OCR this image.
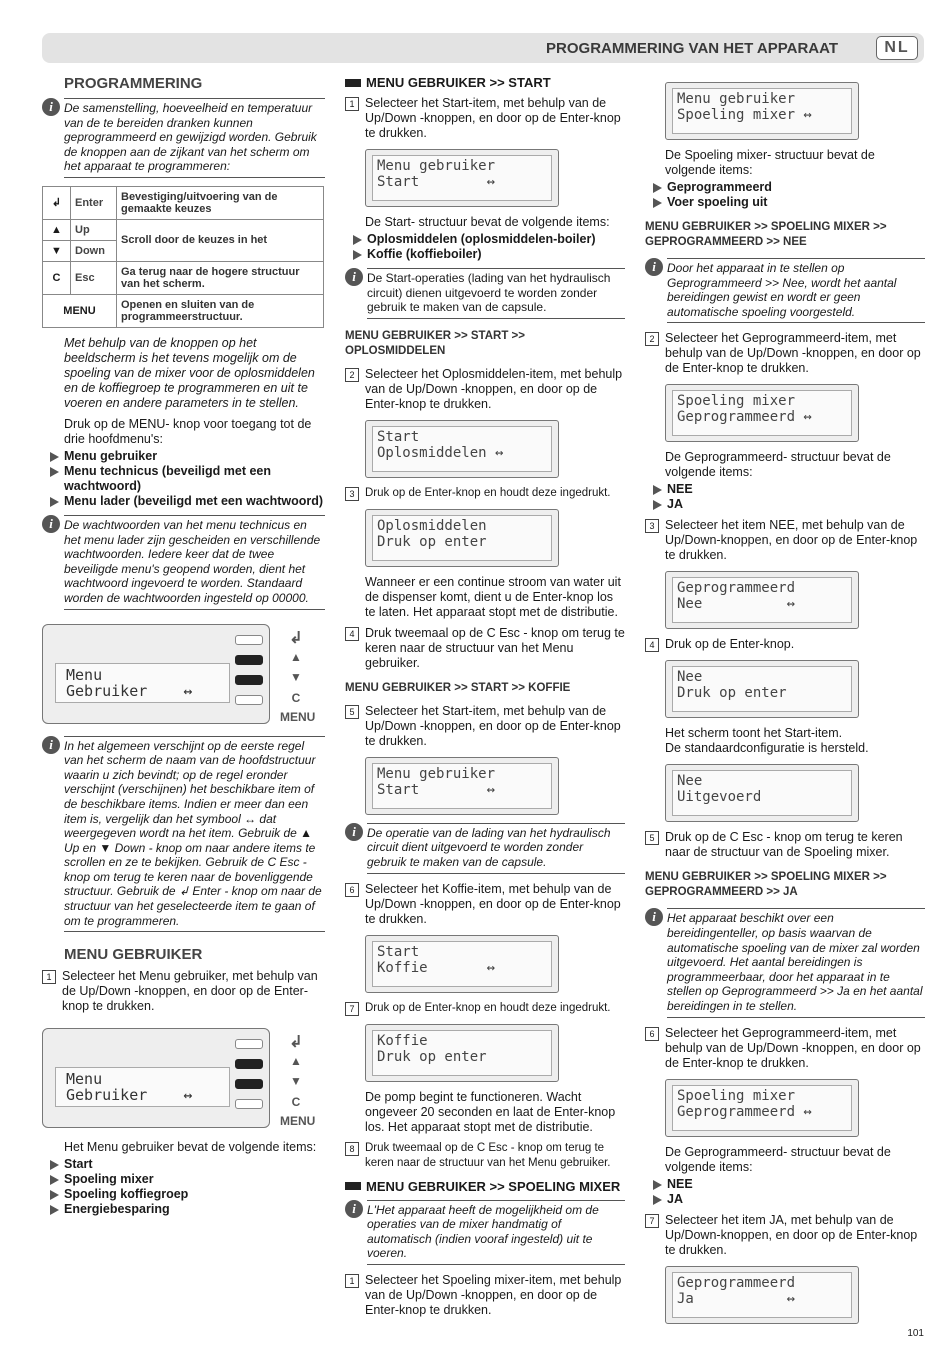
PROGRAMMERING VAN HET APPARAAT	NL
PROGRAMMERING
i De samenstelling, hoeveelheid en temperatuur van de te bereiden dranken kunnen geprogrammeerd en gewijzigd worden. Gebruik de knoppen aan de zijkant van het scherm om het apparaat te programmeren:
↲	Enter	Bevestiging/uitvoering van de gemaakte keuzes
▲	Up	Scroll door de keuzes in het
▼	Down	
C	Esc	Ga terug naar de hogere structuur van het scherm.
MENU		Openen en sluiten van de programmeerstructuur.

Met behulp van de knoppen op het beeldscherm is het tevens mogelijk om de spoeling van de mixer voor de oplosmiddelen en de koffiegroep te programmeren en uit te voeren en andere parameters in te stellen.

Druk op de MENU- knop voor toegang tot de drie hoofdmenu's:

Menu gebruiker
Menu technicus (beveiligd met een wachtwoord)
Menu lader (beveiligd met een wachtwoord)
i De wachtwoorden van het menu technicus en het menu lader zijn gescheiden en verschillende wachtwoorden. Iedere keer dat de twee beveiligde menu's geopend worden, dient het wachtwoord ingevoerd te worden. Standaard worden de wachtwoorden ingesteld op 00000.
Menu
Gebruiker    ↔
↲
▲
▼
C
MENU
i In het algemeen verschijnt op de eerste regel van het scherm de naam van de hoofdstructuur waarin u zich bevindt; op de regel eronder verschijnt (verschijnen) het beschikbare item of de beschikbare items. Indien er meer dan een item is, vergelijk dan het symbool ↔ dat weergegeven wordt na het item. Gebruik de ▲ Up en ▼ Down - knop om naar andere items te scrollen en ze te bekijken. Gebruik de C Esc - knop om terug te keren naar de bovenliggende structuur. Gebruik de ↲ Enter - knop om naar de structuur van het geselecteerde item te gaan of om te programmeren.
MENU GEBRUIKER
1 Selecteer het Menu gebruiker, met behulp van de Up/Down -knoppen, en door op de Enter-knop te drukken.
Menu
Gebruiker    ↔
↲
▲
▼
C
MENU

Het Menu gebruiker bevat de volgende items:

Start
Spoeling mixer
Spoeling koffiegroep
Energiebesparing
MENU GEBRUIKER >> START
1 Selecteer het Start-item, met behulp van de Up/Down -knoppen, en door op de Enter-knop te drukken.
Menu gebruiker
Start        ↔

De Start- structuur bevat de volgende items:

Oplosmiddelen (oplosmiddelen-boiler)
Koffie (koffieboiler)
i De Start-operaties (lading van het hydraulisch circuit) dienen uitgevoerd te worden zonder gebruik te maken van de capsule.
MENU GEBRUIKER >> START >> OPLOSMIDDELEN
2 Selecteer het Oplosmiddelen-item, met behulp van de Up/Down -knoppen, en door op de Enter-knop te drukken.
Start
Oplosmiddelen ↔
3 Druk op de Enter-knop en houdt deze ingedrukt.
Oplosmiddelen
Druk op enter

Wanneer er een continue stroom van water uit de dispenser komt, dient u de Enter-knop los te laten. Het apparaat stopt met de distributie.

4 Druk tweemaal op de C Esc - knop om terug te keren naar de structuur van het Menu gebruiker.
MENU GEBRUIKER >> START >> KOFFIE
5 Selecteer het Start-item, met behulp van de Up/Down -knoppen, en door op de Enter-knop te drukken.
Menu gebruiker
Start        ↔
i De operatie van de lading van het hydraulisch circuit dient uitgevoerd te worden zonder gebruik te maken van de capsule.
6 Selecteer het Koffie-item, met behulp van de Up/Down -knoppen, en door op de Enter-knop te drukken.
Start
Koffie       ↔
7 Druk op de Enter-knop en houdt deze ingedrukt.
Koffie
Druk op enter

De pomp begint te functioneren. Wacht ongeveer 20 seconden en laat de Enter-knop los. Het apparaat stopt met de distributie.

8 Druk tweemaal op de C Esc - knop om terug te keren naar de structuur van het Menu gebruiker.
MENU GEBRUIKER >> SPOELING MIXER
i L'Het apparaat heeft de mogelijkheid om de operaties van de mixer handmatig of automatisch (indien vooraf ingesteld) uit te voeren.
1 Selecteer het Spoeling mixer-item, met behulp van de Up/Down -knoppen, en door op de Enter-knop te drukken.
Menu gebruiker
Spoeling mixer ↔

De Spoeling mixer- structuur bevat de volgende items:

Geprogrammeerd
Voer spoeling uit
MENU GEBRUIKER >> SPOELING MIXER >> GEPROGRAMMEERD >> NEE
i Door het apparaat in te stellen op Geprogrammeerd >> Nee, wordt het aantal bereidingen gewist en wordt er geen automatische spoeling voorgesteld.
2 Selecteer het Geprogrammeerd-item, met behulp van de Up/Down -knoppen, en door op de Enter-knop te drukken.
Spoeling mixer
Geprogrammeerd ↔

De Geprogrammeerd- structuur bevat de volgende items:

NEE
JA
3 Selecteer het item NEE, met behulp van de Up/Down-knoppen, en door op de Enter-knop te drukken.
Geprogrammeerd
Nee          ↔
4 Druk op de Enter-knop.
Nee
Druk op enter

Het scherm toont het Start-item.

De standaardconfiguratie is hersteld.

Nee
Uitgevoerd
5 Druk op de C Esc - knop om terug te keren naar de structuur van de Spoeling mixer.
MENU GEBRUIKER >> SPOELING MIXER >> GEPROGRAMMEERD >> JA
i Het apparaat beschikt over een bereidingenteller, op basis waarvan de automatische spoeling van de mixer zal worden uitgevoerd. Het aantal bereidingen is programmeerbaar, door het apparaat in te stellen op Geprogrammeerd >> Ja en het aantal bereidingen in te stellen.
6 Selecteer het Geprogrammeerd-item, met behulp van de Up/Down -knoppen, en door op de Enter-knop te drukken.
Spoeling mixer
Geprogrammeerd ↔

De Geprogrammeerd- structuur bevat de volgende items:

NEE
JA
7 Selecteer het item JA, met behulp van de Up/Down-knoppen, en door op de Enter-knop te drukken.
Geprogrammeerd
Ja           ↔
101
